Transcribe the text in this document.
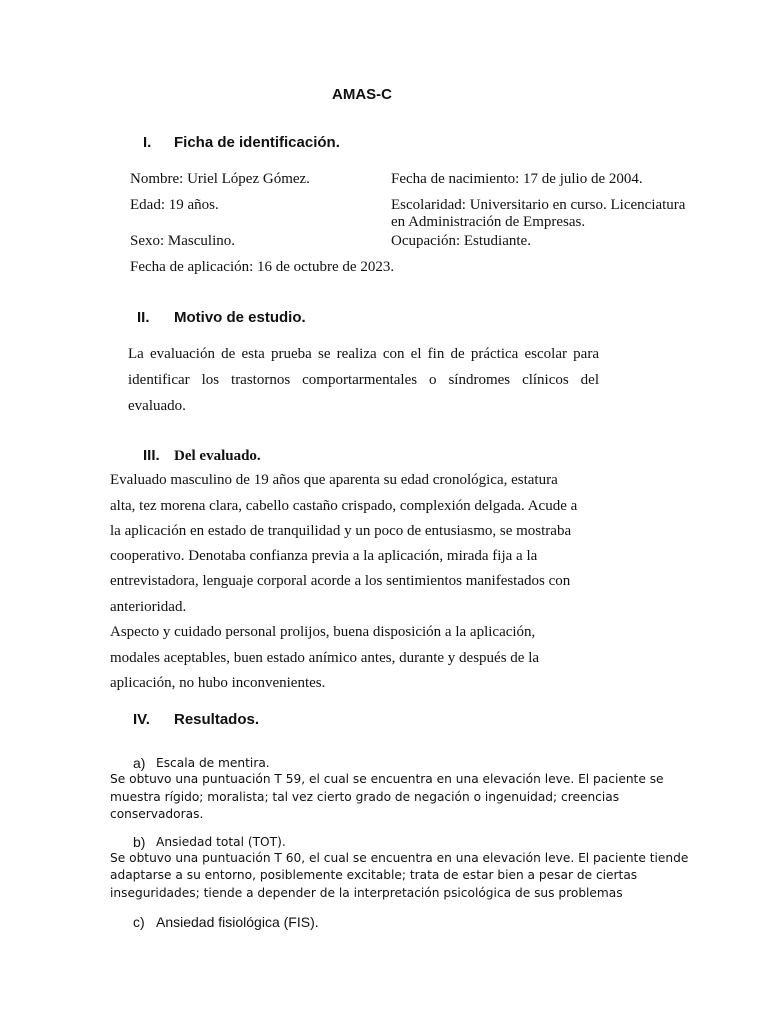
AMAS-C
I. Ficha de identificación.
Nombre: Uriel López Gómez.	Fecha de nacimiento: 17 de julio de 2004.
Edad: 19 años.	Escolaridad: Universitario en curso. Licenciatura
en Administración de Empresas.
Sexo: Masculino.	Ocupación: Estudiante.
Fecha de aplicación: 16 de octubre de 2023.
II. Motivo de estudio.
La evaluación de esta prueba se realiza con el fin de práctica escolar para
identificar los trastornos comportarmentales o síndromes clínicos del
evaluado.
III. Del evaluado.
Evaluado masculino de 19 años que aparenta su edad cronológica, estatura
alta, tez morena clara, cabello castaño crispado, complexión delgada. Acude a
la aplicación en estado de tranquilidad y un poco de entusiasmo, se mostraba
cooperativo. Denotaba confianza previa a la aplicación, mirada fija a la
entrevistadora, lenguaje corporal acorde a los sentimientos manifestados con
anterioridad.
Aspecto y cuidado personal prolijos, buena disposición a la aplicación,
modales aceptables, buen estado anímico antes, durante y después de la
aplicación, no hubo inconvenientes.
IV. Resultados.
a) Escala de mentira.
Se obtuvo una puntuación T 59, el cual se encuentra en una elevación leve. El paciente se
muestra rígido; moralista; tal vez cierto grado de negación o ingenuidad; creencias
conservadoras.
b) Ansiedad total (TOT).
Se obtuvo una puntuación T 60, el cual se encuentra en una elevación leve. El paciente tiende
adaptarse a su entorno, posiblemente excitable; trata de estar bien a pesar de ciertas
inseguridades; tiende a depender de la interpretación psicológica de sus problemas
c) Ansiedad fisiológica (FIS).
